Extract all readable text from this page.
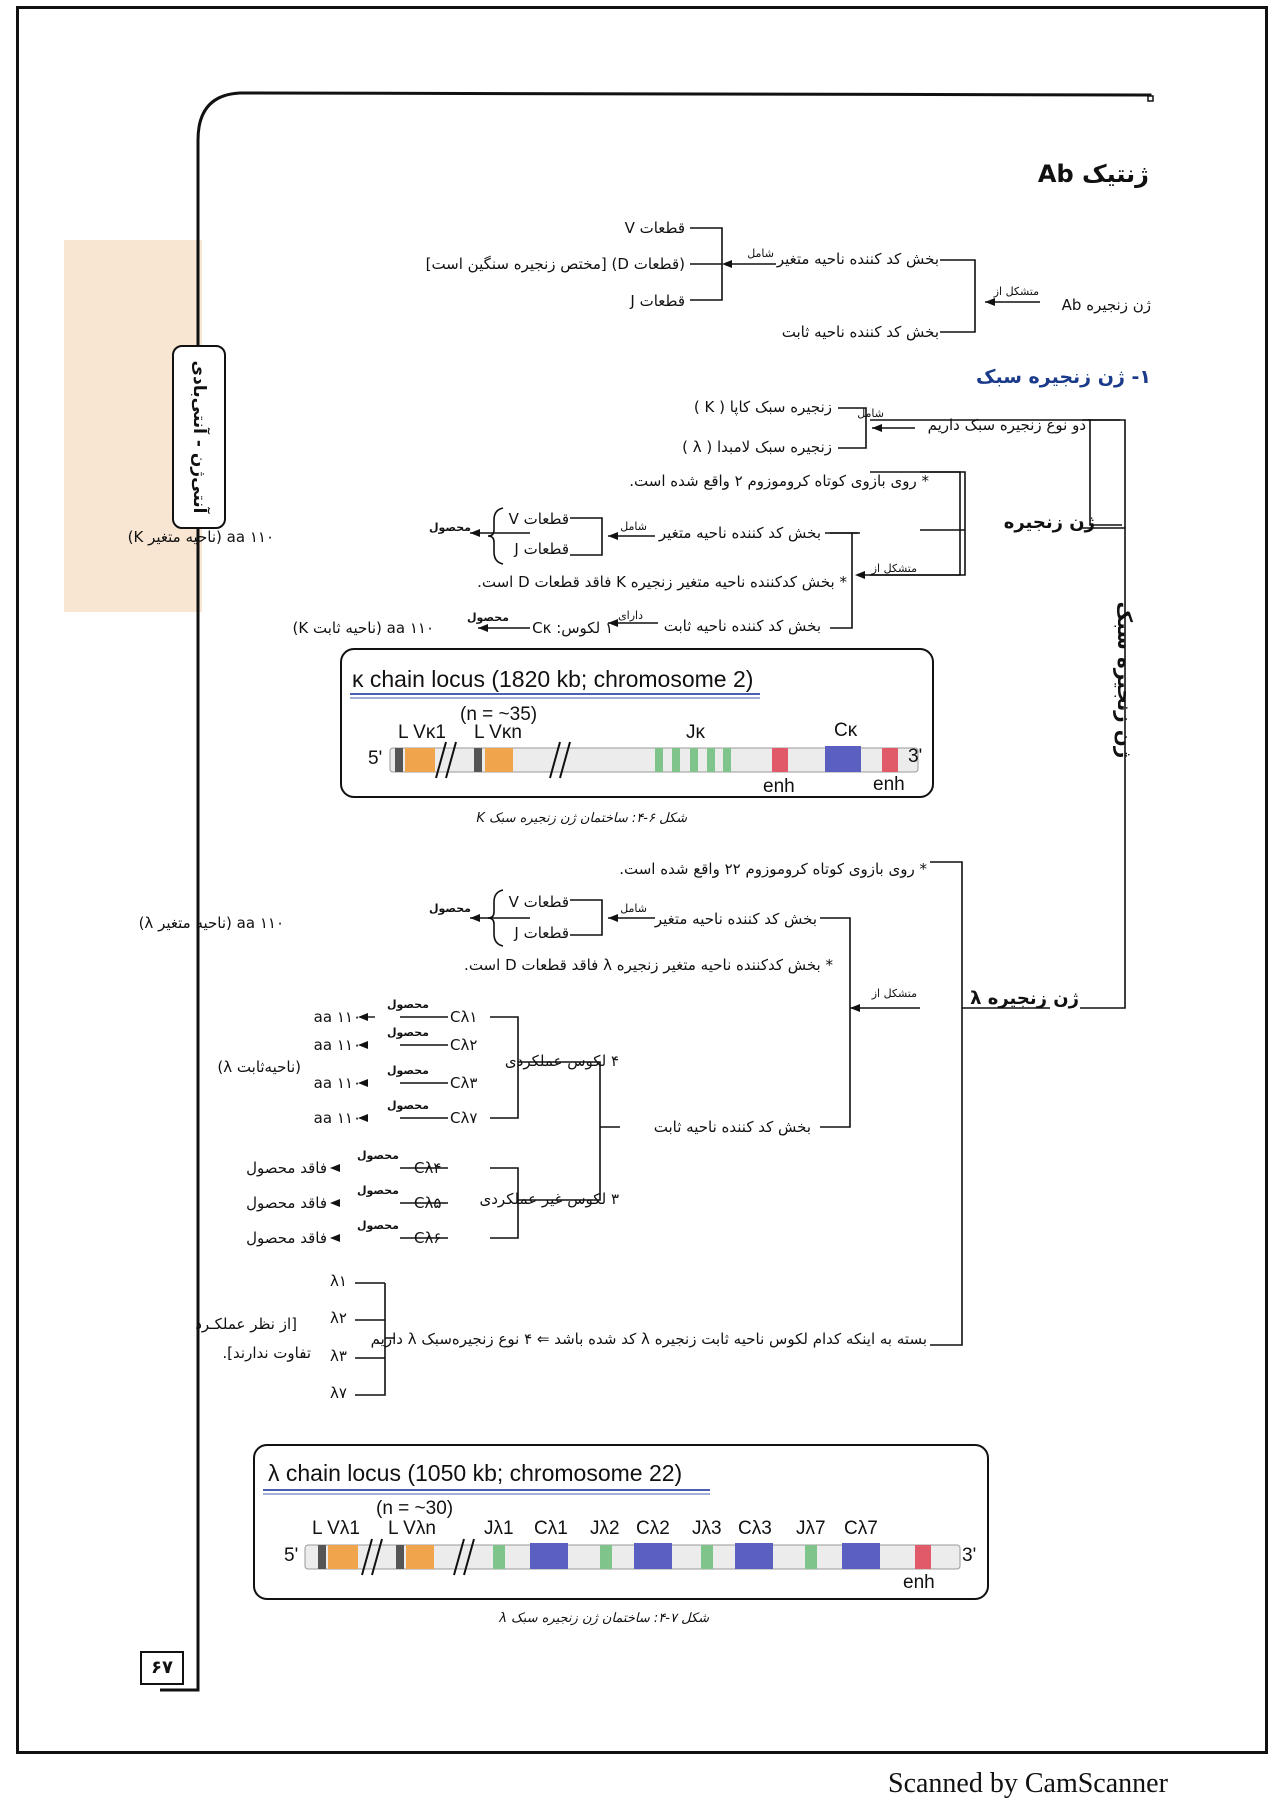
آنتی‌ژن - آنتی‌بادی
ژن زنجیره سبک
۶۷
ژنتیک Ab
قطعات V
(قطعات D) [مختص زنجیره سنگین است]
قطعات J
شامل بخش کد کننده ناحیه متغیر
بخش کد کننده ناحیه ثابت
متشکل از
ژن زنجیره Ab
۱- ژن زنجیره سبک
زنجیره سبک کاپا ( K )
زنجیره سبک لامبدا ( λ )
شامل
دو نوع زنجیره سبک داریم
ژن زنجیره
* روی بازوی کوتاه کروموزوم ۲ واقع شده است.
متشکل از
قطعات V
قطعات J
شامل بخش کد کننده ناحیه متغیر
محصول
۱۱۰ aa (ناحیه متغیر K)
* بخش کدکننده ناحیه متغیر زنجیره K فاقد قطعات D است.
بخش کد کننده ناحیه ثابت
دارای
۱ لکوس: Cκ
محصول
۱۱۰ aa (ناحیه ثابت K)
κ chain locus (1820 kb; chromosome 2)
(n = ~35)
L Vκ1 L Vκn	Jκ	Cκ
5'	3'
enh	enh
شکل ۶-۴: ساختمان ژن زنجیره سبک K
ژن زنجیره λ
* روی بازوی کوتاه کروموزوم ۲۲ واقع شده است.
متشکل از
قطعات V
قطعات J
شامل
بخش کد کننده ناحیه متغیر
محصول
۱۱۰ aa (ناحیه متغیر λ)
* بخش کدکننده ناحیه متغیر زنجیره λ فاقد قطعات D است.
بخش کد کننده ناحیه ثابت
۴ لکوس عملکردی
۳ لکوس غیر عملکردی
Cλ۱
Cλ۲
Cλ۳
Cλ۷
محصول
محصول
محصول
محصول
۱۱۰ aa
۱۱۰ aa
۱۱۰ aa
۱۱۰ aa
(ناحیه‌ثابت λ)
Cλ۴
Cλ۵
Cλ۶
محصول
محصول
محصول
فاقد محصول
فاقد محصول
فاقد محصول
بسته به اینکه کدام لکوس ناحیه ثابت زنجیره λ کد شده باشد ⇐ ۴ نوع زنجیره‌سبک λ داریم
λ۱
λ۲
λ۳
λ۷
[از نظر عملکـرد
تفاوت ندارند].
λ chain locus (1050 kb; chromosome 22)
(n = ~30)
L Vλ1 L Vλn	Jλ1 Cλ1 Jλ2 Cλ2 Jλ3 Cλ3 Jλ7 Cλ7
5'	3'
enh
شکل ۷-۴: ساختمان ژن زنجیره سبک λ
Scanned by CamScanner
